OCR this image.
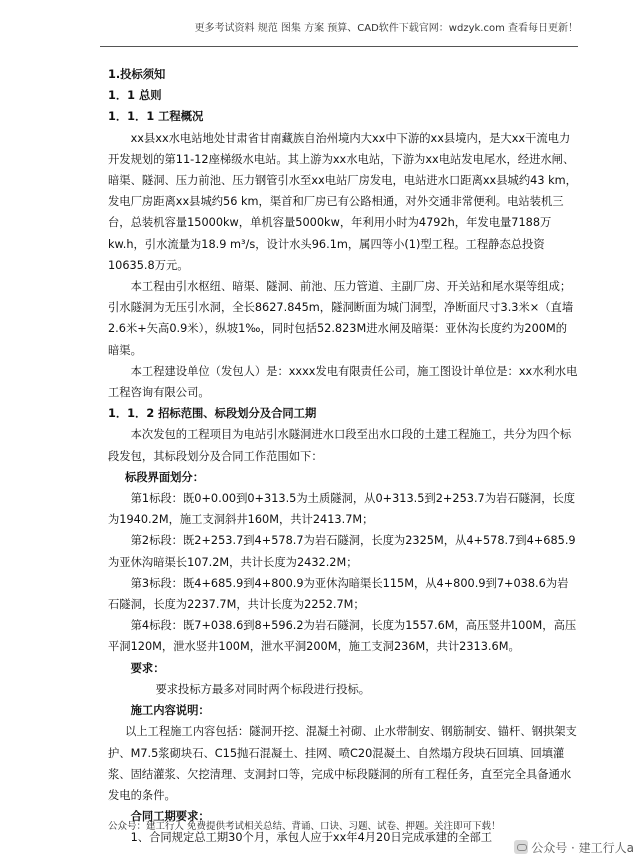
更多考试资料 规范 图集 方案 预算、CAD软件下载官网：wdzyk.com 查看每日更新！

1.投标须知

1．1 总则

1．1．1 工程概况

xx县xx水电站地处甘肃省甘南藏族自治州境内大xx中下游的xx县境内，是大xx干流电力开发规划的第11-12座梯级水电站。其上游为xx水电站，下游为xx电站发电尾水，经进水闸、暗渠、隧洞、压力前池、压力钢管引水至xx电站厂房发电，电站进水口距离xx县城约43 km，发电厂房距离xx县城约56 km，渠首和厂房已有公路相通，对外交通非常便利。电站装机三台，总装机容量15000kw，单机容量5000kw，年利用小时为4792h，年发电量7188万kw.h，引水流量为18.9 m³/s，设计水头96.1m，属四等小(1)型工程。工程静态总投资10635.8万元。

本工程由引水枢纽、暗渠、隧洞、前池、压力管道、主副厂房、开关站和尾水渠等组成；引水隧洞为无压引水洞，全长8627.845m，隧洞断面为城门洞型，净断面尺寸3.3米×（直墙2.6米+矢高0.9米），纵坡1‰，同时包括52.823M进水闸及暗渠：亚休沟长度约为200M的暗渠。

本工程建设单位（发包人）是：xxxx发电有限责任公司，施工图设计单位是：xx水利水电工程咨询有限公司。

1．1．2 招标范围、标段划分及合同工期

本次发包的工程项目为电站引水隧洞进水口段至出水口段的土建工程施工，共分为四个标段发包，其标段划分及合同工作范围如下：

标段界面划分：

第1标段：既0+0.00到0+313.5为土质隧洞，从0+313.5到2+253.7为岩石隧洞，长度为1940.2M，施工支洞斜井160M，共计2413.7M；

第2标段：既2+253.7到4+578.7为岩石隧洞，长度为2325M，从4+578.7到4+685.9为亚休沟暗渠长107.2M，共计长度为2432.2M；

第3标段：既4+685.9到4+800.9为亚休沟暗渠长115M，从4+800.9到7+038.6为岩石隧洞，长度为2237.7M，共计长度为2252.7M；

第4标段：既7+038.6到8+596.2为岩石隧洞，长度为1557.6M，高压竖井100M，高压平洞120M，泄水竖井100M，泄水平洞200M，施工支洞236M，共计2313.6M。

要求：

要求投标方最多对同时两个标段进行投标。

施工内容说明：

以上工程施工内容包括：隧洞开挖、混凝土衬砌、止水带制安、钢筋制安、锚杆、钢拱架支护、M7.5浆砌块石、C15抛石混凝土、挂网、喷C20混凝土、自然塌方段块石回填、回填灌浆、固结灌浆、欠挖清理、支洞封口等，完成中标段隧洞的所有工程任务，直至完全具备通水发电的条件。

合同工期要求：

1、合同规定总工期30个月，承包人应于xx年4月20日完成承建的全部工

公众号：建工行人 免费提供考试相关总结、背诵、口诀、习题、试卷、押题。关注即可下载！
公众号 · 建工行人a
